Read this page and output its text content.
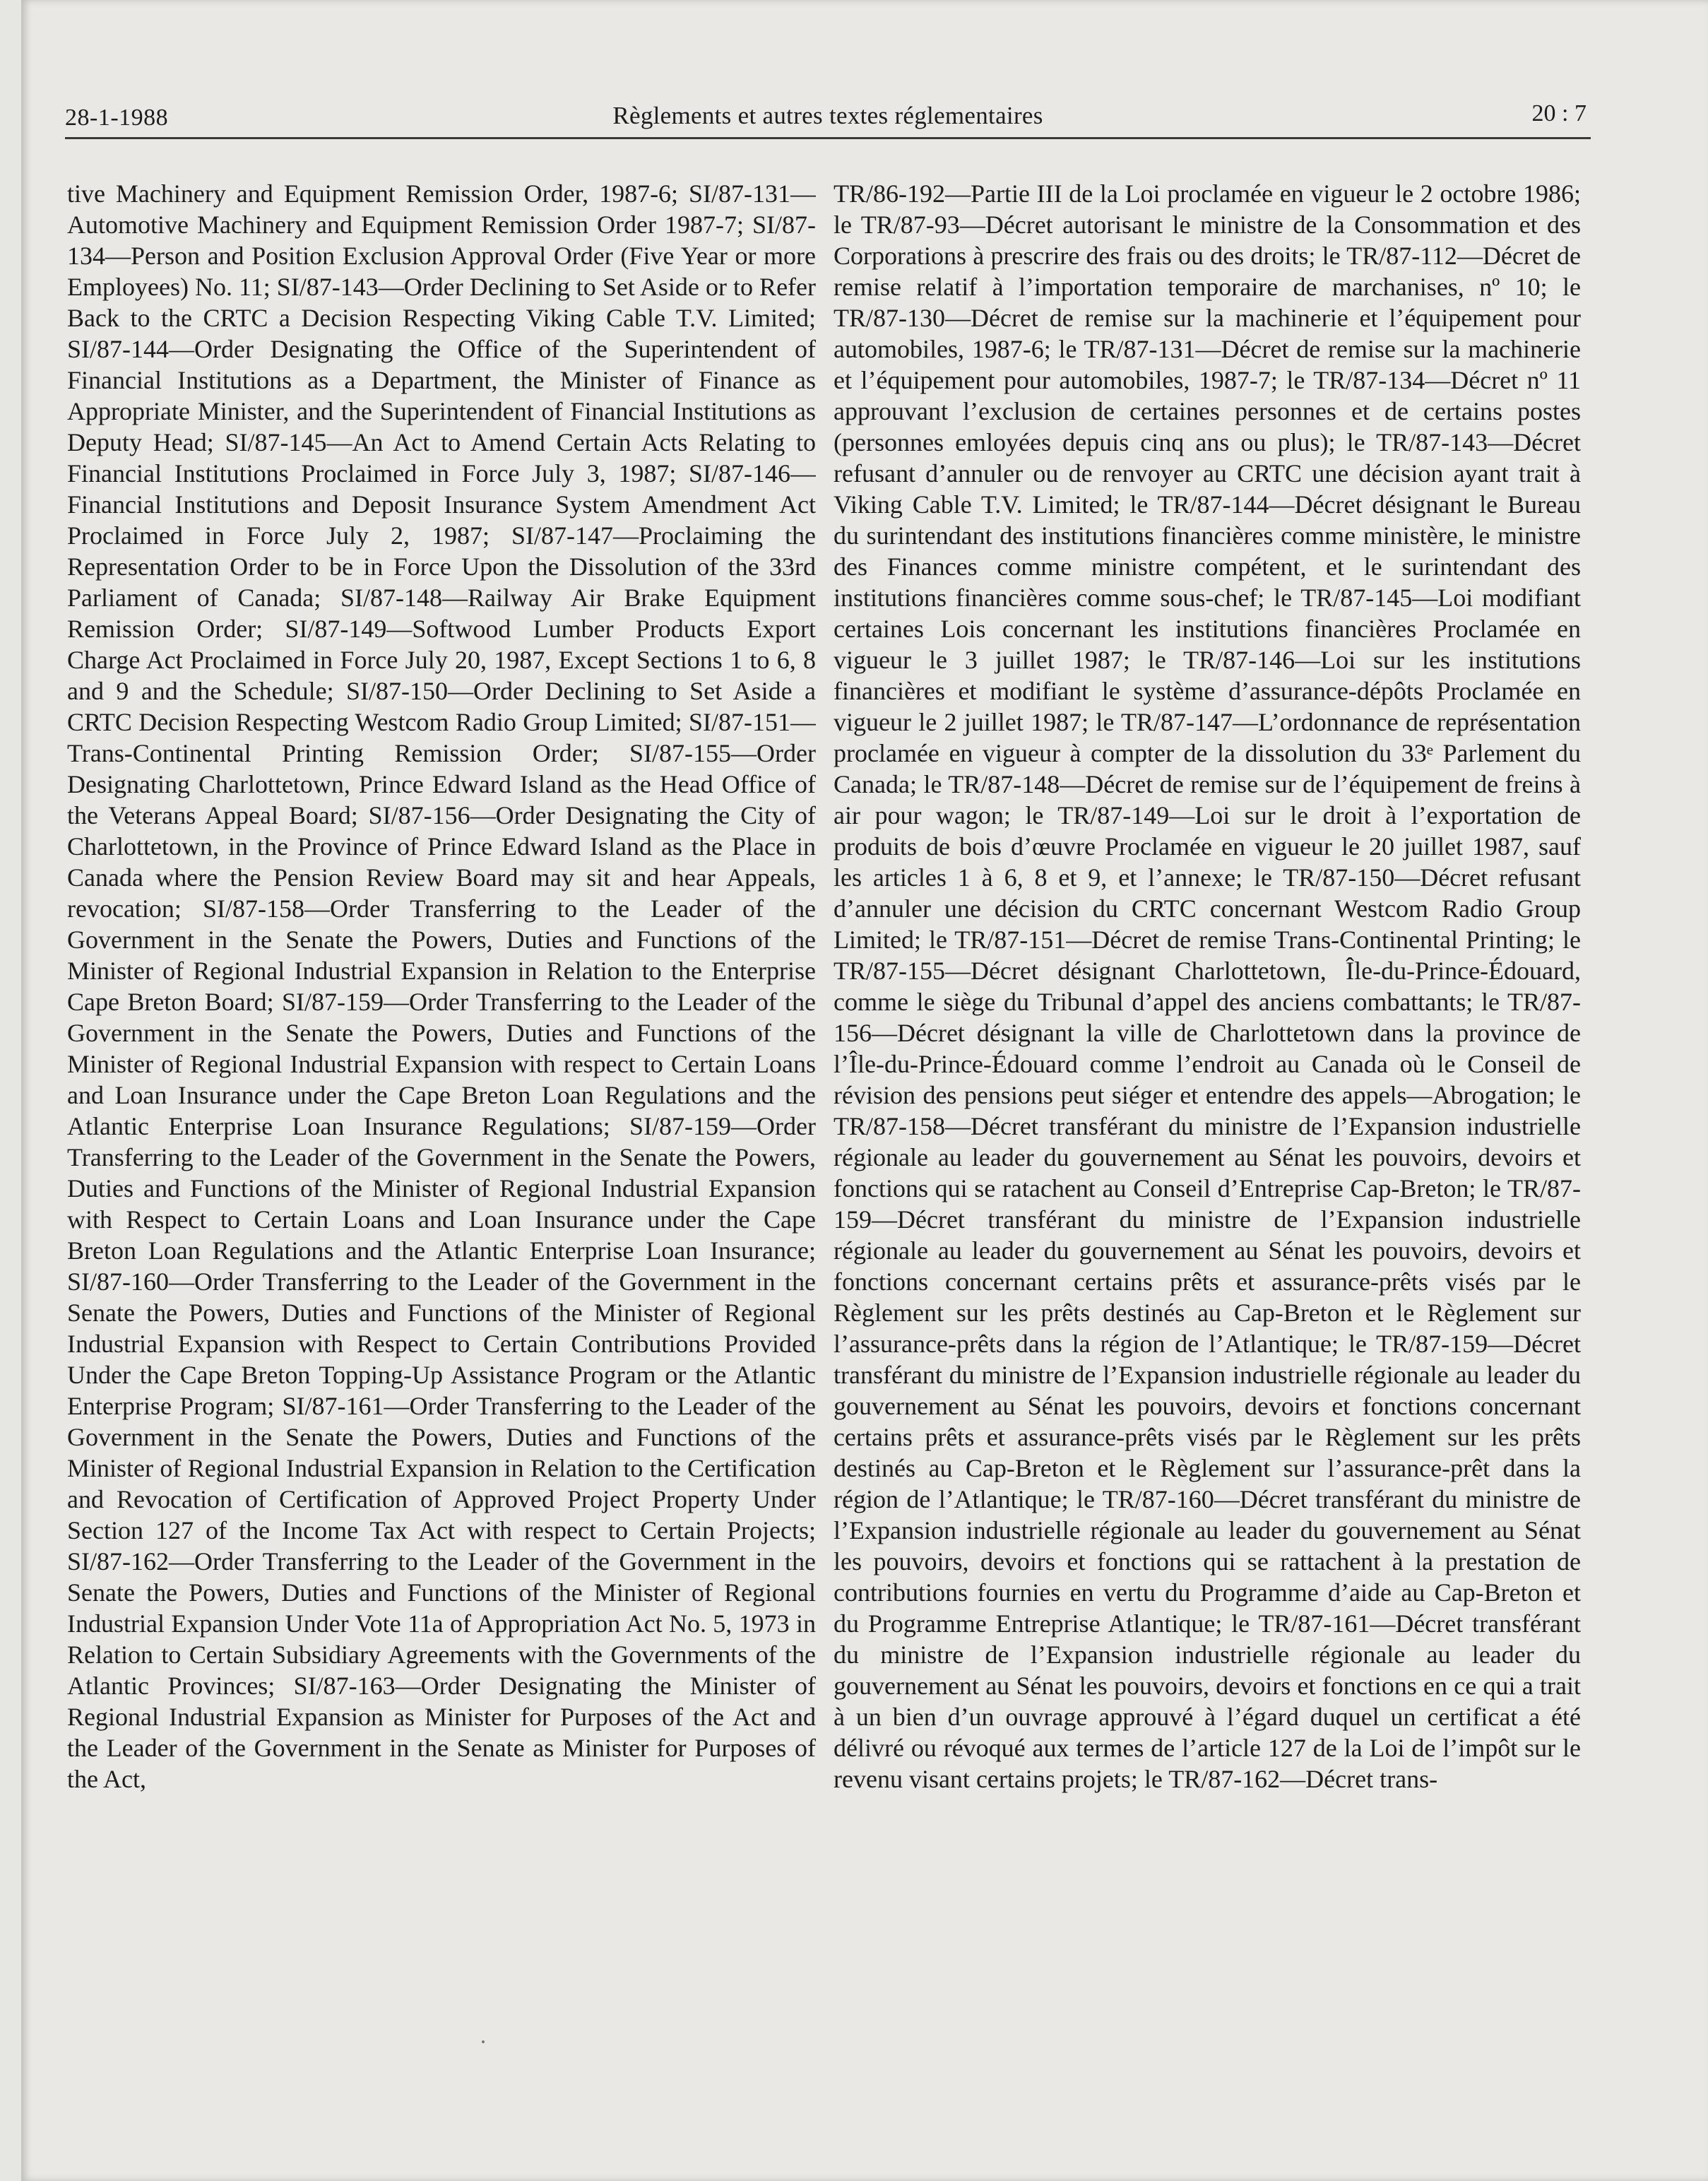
28-1-1988	Règlements et autres textes réglementaires	20 : 7

tive Machinery and Equipment Remission Order, 1987-6; SI/87-131—Automotive Machinery and Equipment Remission Order 1987-7; SI/87-134—Person and Position Exclusion Approval Order (Five Year or more Employees) No. 11; SI/87-143—Order Declining to Set Aside or to Refer Back to the CRTC a Decision Respecting Viking Cable T.V. Limited; SI/87-144—Order Designating the Office of the Superintendent of Financial Institutions as a Department, the Minister of Finance as Appropriate Minister, and the Superintendent of Financial Institutions as Deputy Head; SI/87-145—An Act to Amend Certain Acts Relating to Financial Institutions Proclaimed in Force July 3, 1987; SI/87-146—Financial Institutions and Deposit Insurance System Amendment Act Proclaimed in Force July 2, 1987; SI/87-147—Proclaiming the Representation Order to be in Force Upon the Dissolution of the 33rd Parliament of Canada; SI/87-148—Railway Air Brake Equipment Remission Order; SI/87-149—Softwood Lumber Products Export Charge Act Proclaimed in Force July 20, 1987, Except Sections 1 to 6, 8 and 9 and the Schedule; SI/87-150—Order Declining to Set Aside a CRTC Decision Respecting Westcom Radio Group Limited; SI/87-151—Trans-Continental Printing Remission Order; SI/87-155—Order Designating Charlottetown, Prince Edward Island as the Head Office of the Veterans Appeal Board; SI/87-156—Order Designating the City of Charlottetown, in the Province of Prince Edward Island as the Place in Canada where the Pension Review Board may sit and hear Appeals, revocation; SI/87-158—Order Transferring to the Leader of the Government in the Senate the Powers, Duties and Functions of the Minister of Regional Industrial Expansion in Relation to the Enterprise Cape Breton Board; SI/87-159—Order Transferring to the Leader of the Government in the Senate the Powers, Duties and Functions of the Minister of Regional Industrial Expansion with respect to Certain Loans and Loan Insurance under the Cape Breton Loan Regulations and the Atlantic Enterprise Loan Insurance Regulations; SI/87-159—Order Transferring to the Leader of the Government in the Senate the Powers, Duties and Functions of the Minister of Regional Industrial Expansion with Respect to Certain Loans and Loan Insurance under the Cape Breton Loan Regulations and the Atlantic Enterprise Loan Insurance; SI/87-160—Order Transferring to the Leader of the Government in the Senate the Powers, Duties and Functions of the Minister of Regional Industrial Expansion with Respect to Certain Contributions Provided Under the Cape Breton Topping-Up Assistance Program or the Atlantic Enterprise Program; SI/87-161—Order Transferring to the Leader of the Government in the Senate the Powers, Duties and Functions of the Minister of Regional Industrial Expansion in Relation to the Certification and Revocation of Certification of Approved Project Property Under Section 127 of the Income Tax Act with respect to Certain Projects; SI/87-162—Order Transferring to the Leader of the Government in the Senate the Powers, Duties and Functions of the Minister of Regional Industrial Expansion Under Vote 11a of Appropriation Act No. 5, 1973 in Relation to Certain Subsidiary Agreements with the Governments of the Atlantic Provinces; SI/87-163—Order Designating the Minister of Regional Industrial Expansion as Minister for Purposes of the Act and the Leader of the Government in the Senate as Minister for Purposes of the Act,

TR/86-192—Partie III de la Loi proclamée en vigueur le 2 octobre 1986; le TR/87-93—Décret autorisant le ministre de la Consommation et des Corporations à prescrire des frais ou des droits; le TR/87-112—Décret de remise relatif à l’importation temporaire de marchanises, nº 10; le TR/87-130—Décret de remise sur la machinerie et l’équipement pour automobiles, 1987-6; le TR/87-131—Décret de remise sur la machinerie et l’équipement pour automobiles, 1987-7; le TR/87-134—Décret nº 11 approuvant l’exclusion de certaines personnes et de certains postes (personnes emloyées depuis cinq ans ou plus); le TR/87-143—Décret refusant d’annuler ou de renvoyer au CRTC une décision ayant trait à Viking Cable T.V. Limited; le TR/87-144—Décret désignant le Bureau du surintendant des institutions financières comme ministère, le ministre des Finances comme ministre compétent, et le surintendant des institutions financières comme sous-chef; le TR/87-145—Loi modifiant certaines Lois concernant les institutions financières Proclamée en vigueur le 3 juillet 1987; le TR/87-146—Loi sur les institutions financières et modifiant le système d’assurance-dépôts Proclamée en vigueur le 2 juillet 1987; le TR/87-147—L’ordonnance de représentation proclamée en vigueur à compter de la dissolution du 33ᵉ Parlement du Canada; le TR/87-148—Décret de remise sur de l’équipement de freins à air pour wagon; le TR/87-149—Loi sur le droit à l’exportation de produits de bois d’œuvre Proclamée en vigueur le 20 juillet 1987, sauf les articles 1 à 6, 8 et 9, et l’annexe; le TR/87-150—Décret refusant d’annuler une décision du CRTC concernant Westcom Radio Group Limited; le TR/87-151—Décret de remise Trans-Continental Printing; le TR/87-155—Décret désignant Charlottetown, Île-du-Prince-Édouard, comme le siège du Tribunal d’appel des anciens combattants; le TR/87-156—Décret désignant la ville de Charlottetown dans la province de l’Île-du-Prince-Édouard comme l’endroit au Canada où le Conseil de révision des pensions peut siéger et entendre des appels—Abrogation; le TR/87-158—Décret transférant du ministre de l’Expansion industrielle régionale au leader du gouvernement au Sénat les pouvoirs, devoirs et fonctions qui se ratachent au Conseil d’Entreprise Cap-Breton; le TR/87-159—Décret transférant du ministre de l’Expansion industrielle régionale au leader du gouvernement au Sénat les pouvoirs, devoirs et fonctions concernant certains prêts et assurance-prêts visés par le Règlement sur les prêts destinés au Cap-Breton et le Règlement sur l’assurance-prêts dans la région de l’Atlantique; le TR/87-159—Décret transférant du ministre de l’Expansion industrielle régionale au leader du gouvernement au Sénat les pouvoirs, devoirs et fonctions concernant certains prêts et assurance-prêts visés par le Règlement sur les prêts destinés au Cap-Breton et le Règlement sur l’assurance-prêt dans la région de l’Atlantique; le TR/87-160—Décret transférant du ministre de l’Expansion industrielle régionale au leader du gouvernement au Sénat les pouvoirs, devoirs et fonctions qui se rattachent à la prestation de contributions fournies en vertu du Programme d’aide au Cap-Breton et du Programme Entreprise Atlantique; le TR/87-161—Décret transférant du ministre de l’Expansion industrielle régionale au leader du gouvernement au Sénat les pouvoirs, devoirs et fonctions en ce qui a trait à un bien d’un ouvrage approuvé à l’égard duquel un certificat a été délivré ou révoqué aux termes de l’article 127 de la Loi de l’impôt sur le revenu visant certains projets; le TR/87-162—Décret trans-
